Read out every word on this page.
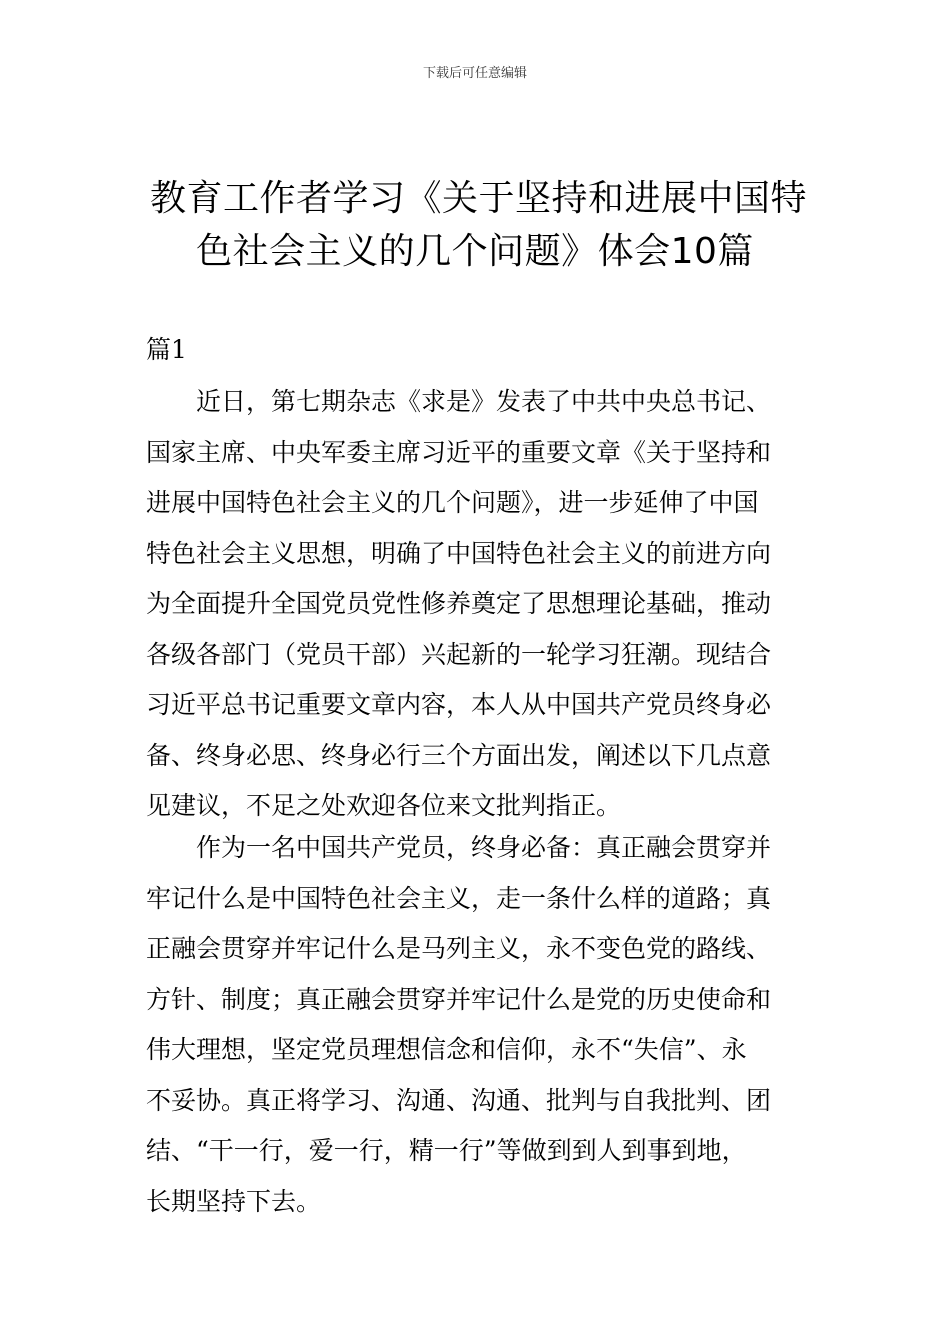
下载后可任意编辑
教育工作者学习《关于坚持和进展中国特
色社会主义的几个问题》体会10篇
篇1
近日，第七期杂志《求是》发表了中共中央总书记、
国家主席、中央军委主席习近平的重要文章《关于坚持和
进展中国特色社会主义的几个问题》，进一步延伸了中国
特色社会主义思想，明确了中国特色社会主义的前进方向
为全面提升全国党员党性修养奠定了思想理论基础，推动
各级各部门（党员干部）兴起新的一轮学习狂潮。现结合
习近平总书记重要文章内容，本人从中国共产党员终身必
备、终身必思、终身必行三个方面出发，阐述以下几点意
见建议，不足之处欢迎各位来文批判指正。
作为一名中国共产党员，终身必备：真正融会贯穿并
牢记什么是中国特色社会主义，走一条什么样的道路；真
正融会贯穿并牢记什么是马列主义，永不变色党的路线、
方针、制度；真正融会贯穿并牢记什么是党的历史使命和
伟大理想，坚定党员理想信念和信仰，永不“失信”、永
不妥协。真正将学习、沟通、沟通、批判与自我批判、团
结、“干一行，爱一行，精一行”等做到到人到事到地，
长期坚持下去。
